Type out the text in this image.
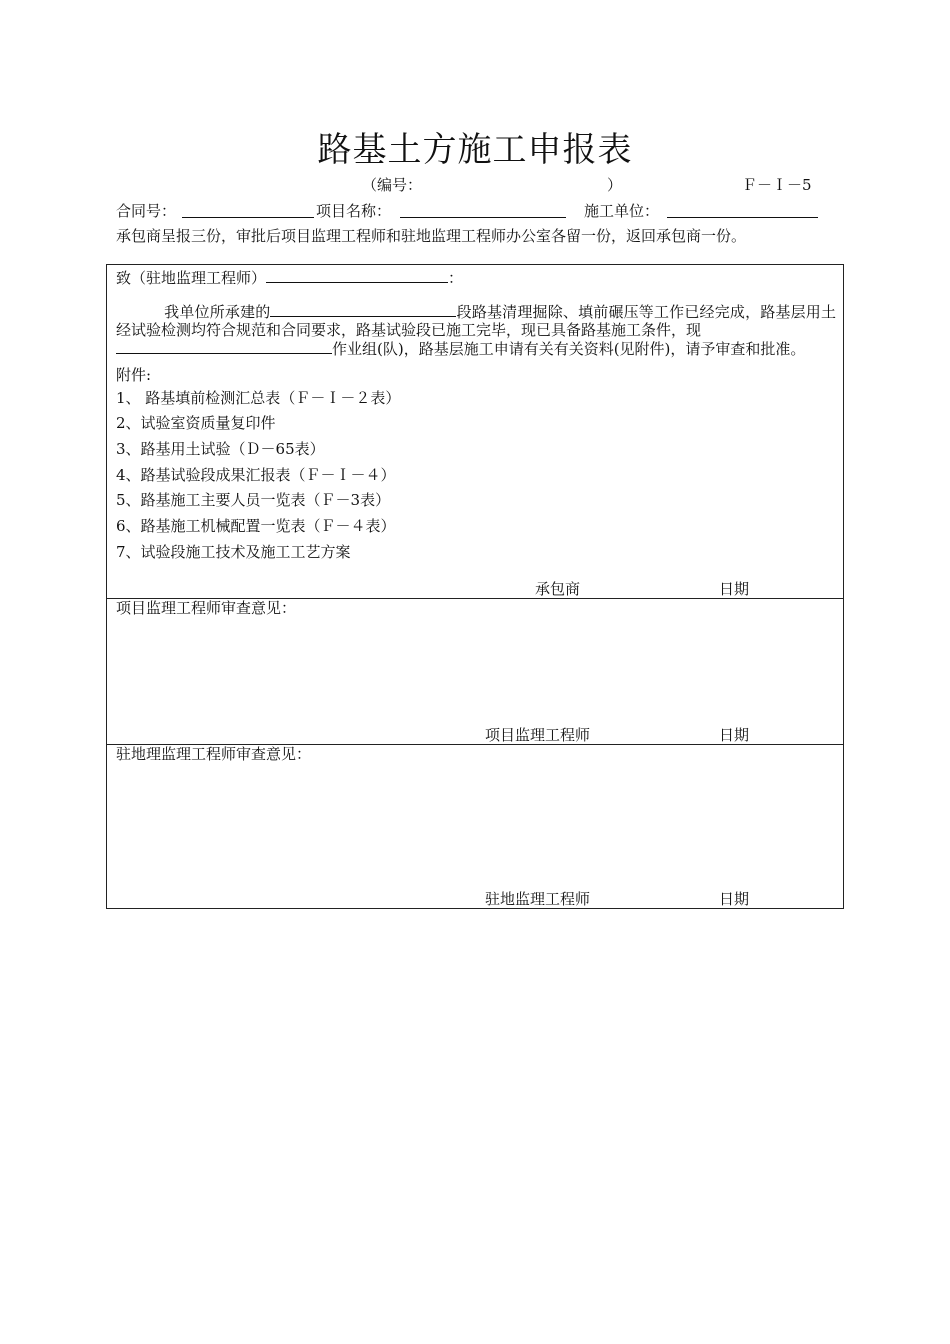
路基土方施工申报表
（编号：	）	Ｆ－Ｉ－5
合同号：	项目名称：	施工单位：
承包商呈报三份，审批后项目监理工程师和驻地监理工程师办公室各留一份，返回承包商一份。
致（驻地监理工程师）	：
我单位所承建的	段路基清理掘除、填前碾压等工作已经完成，路基层用土经试验检测均符合规范和合同要求，路基试验段已施工完毕，现已具备路基施工条件，现
作业组(队)，路基层施工申请有关有关资料(见附件)，请予审查和批准。
附件:
1、 路基填前检测汇总表（Ｆ－Ｉ－２表）
2、试验室资质量复印件
3、路基用土试验（Ｄ－65表）
4、路基试验段成果汇报表（Ｆ－Ｉ－４）
5、路基施工主要人员一览表（Ｆ－3表）
6、路基施工机械配置一览表（Ｆ－４表）
7、试验段施工技术及施工工艺方案
承包商	日期
项目监理工程师审查意见：
项目监理工程师	日期
驻地理监理工程师审查意见：
驻地监理工程师	日期
